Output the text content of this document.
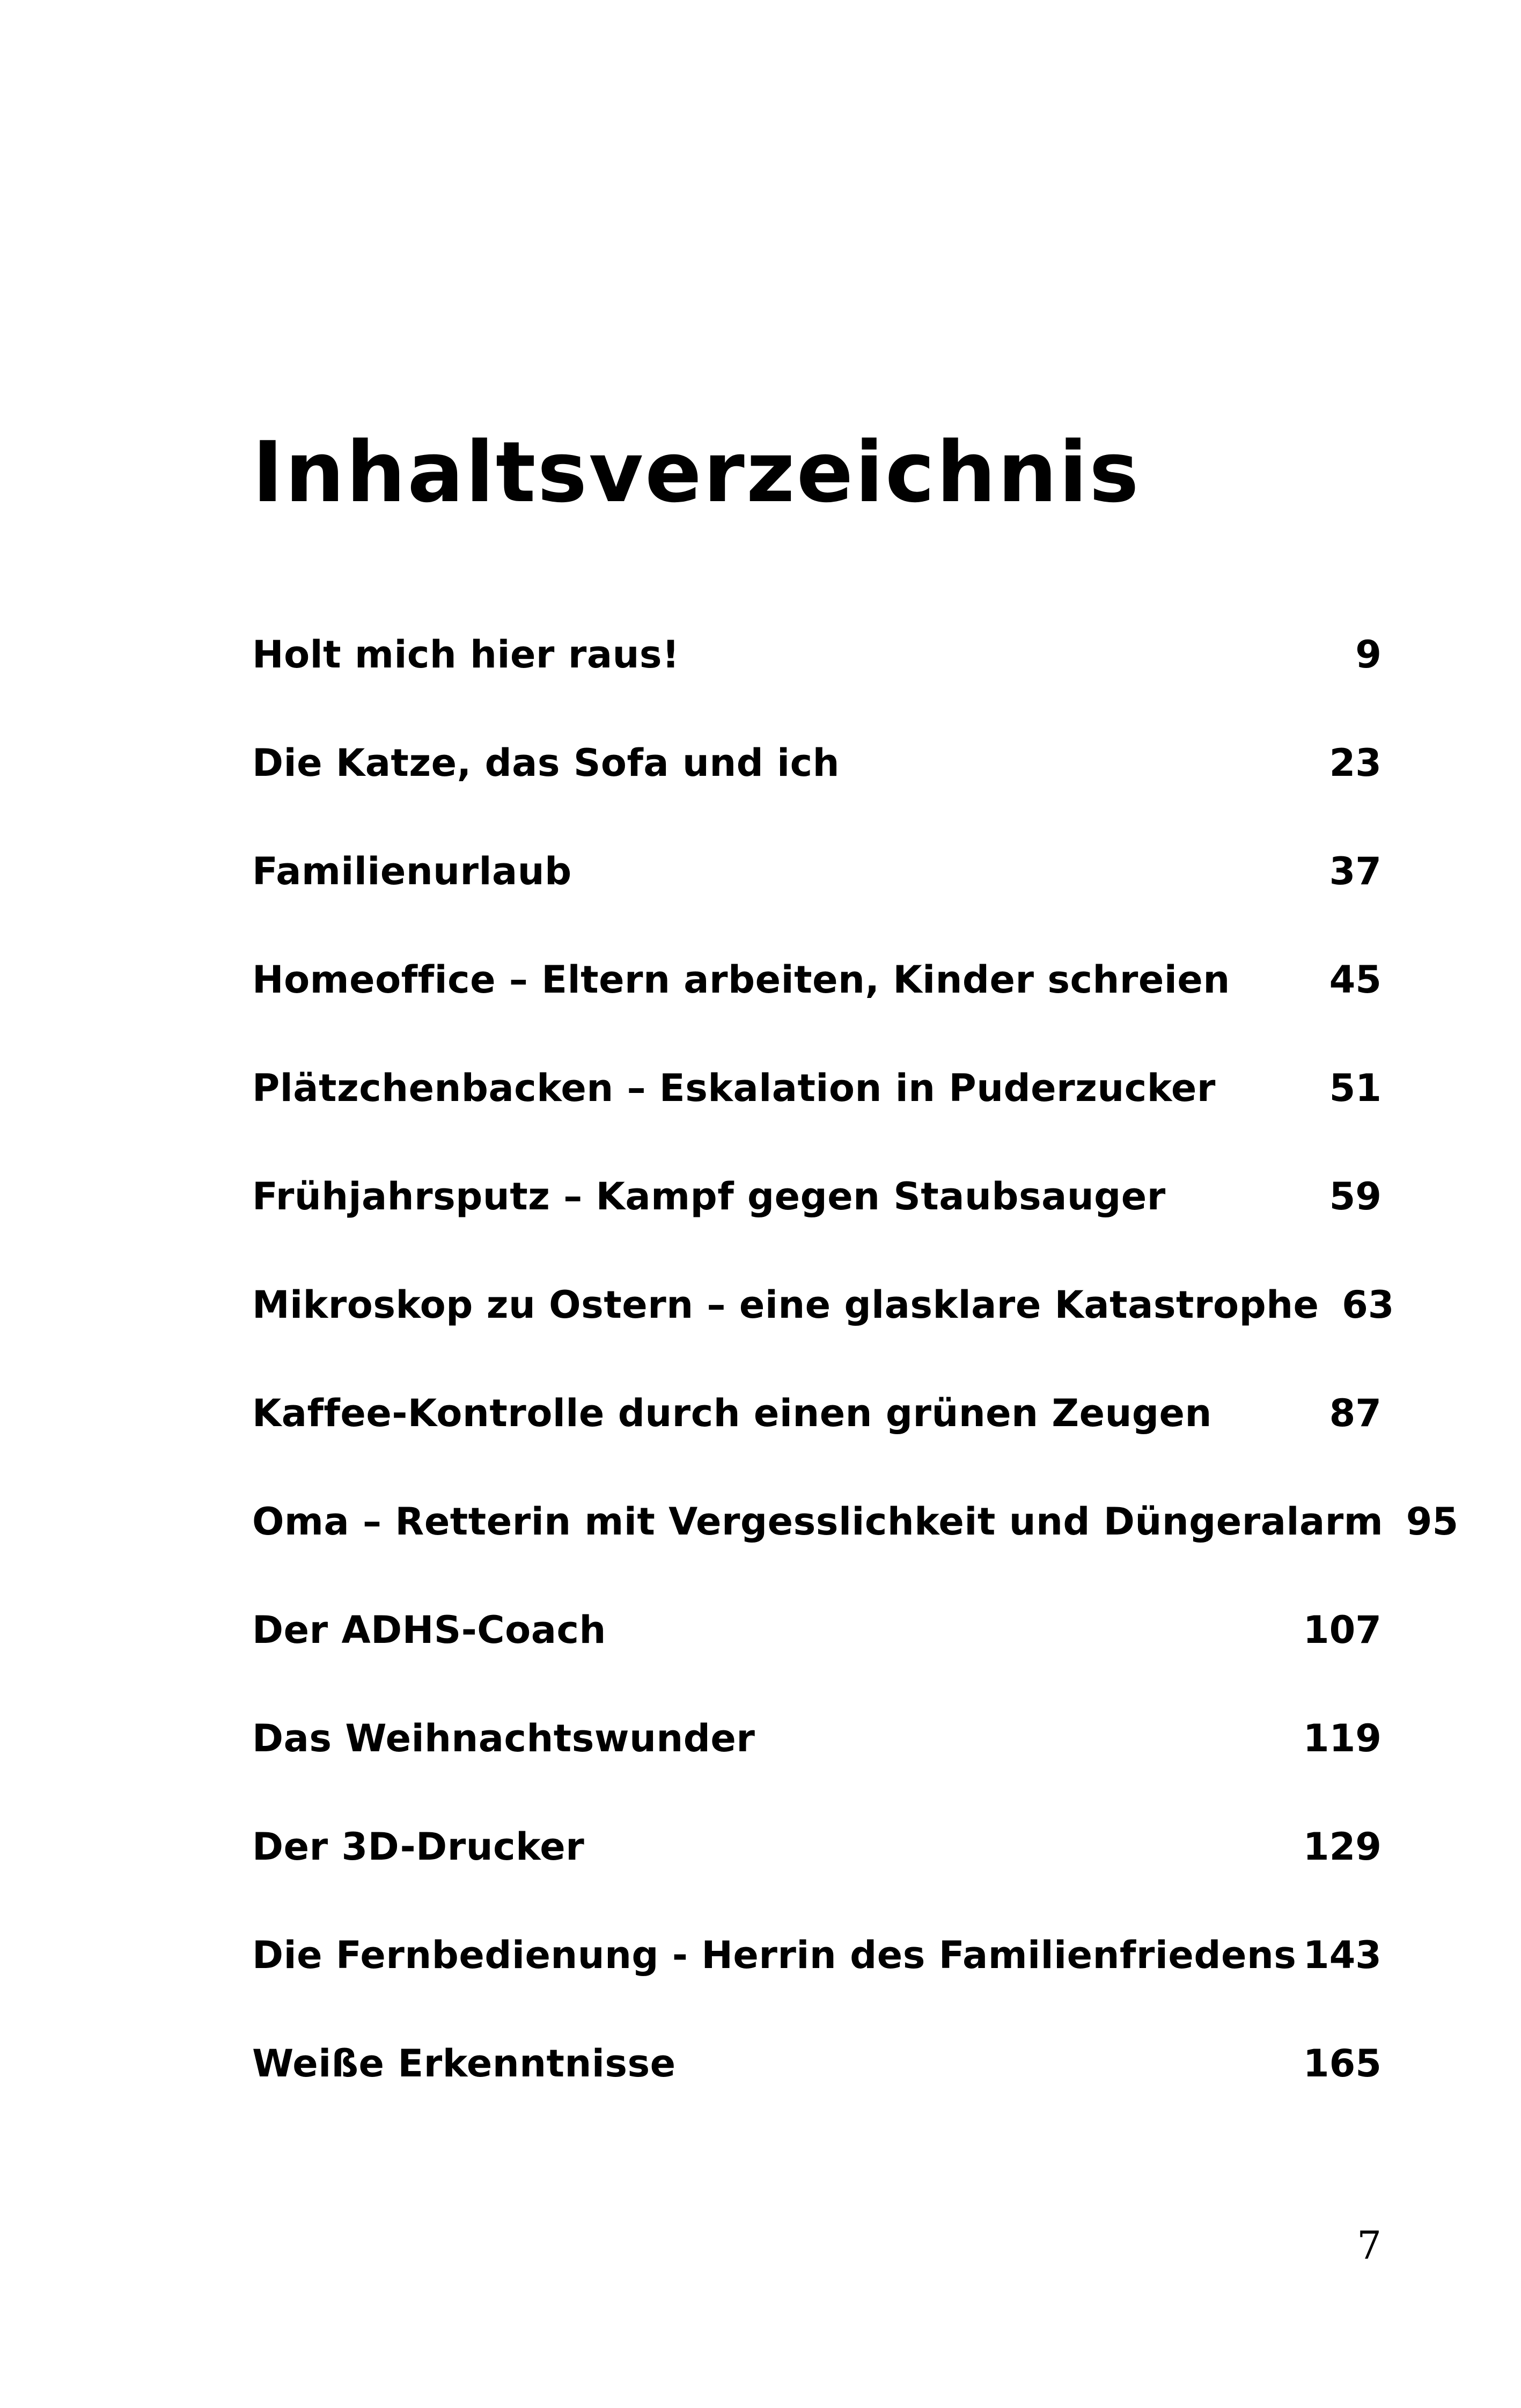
Inhaltsverzeichnis
Holt mich hier raus!	9
Die Katze, das Sofa und ich	23
Familienurlaub	37
Homeoffice – Eltern arbeiten, Kinder schreien	45
Plätzchenbacken – Eskalation in Puderzucker	51
Frühjahrsputz – Kampf gegen Staubsauger	59
Mikroskop zu Ostern – eine glasklare Katastrophe 63
Kaffee-Kontrolle durch einen grünen Zeugen	87
Oma – Retterin mit Vergesslichkeit und Düngeralarm 95
Der ADHS-Coach	107
Das Weihnachtswunder	119
Der 3D-Drucker	129
Die Fernbedienung - Herrin des Familienfriedens 143
Weiße Erkenntnisse	165

7
